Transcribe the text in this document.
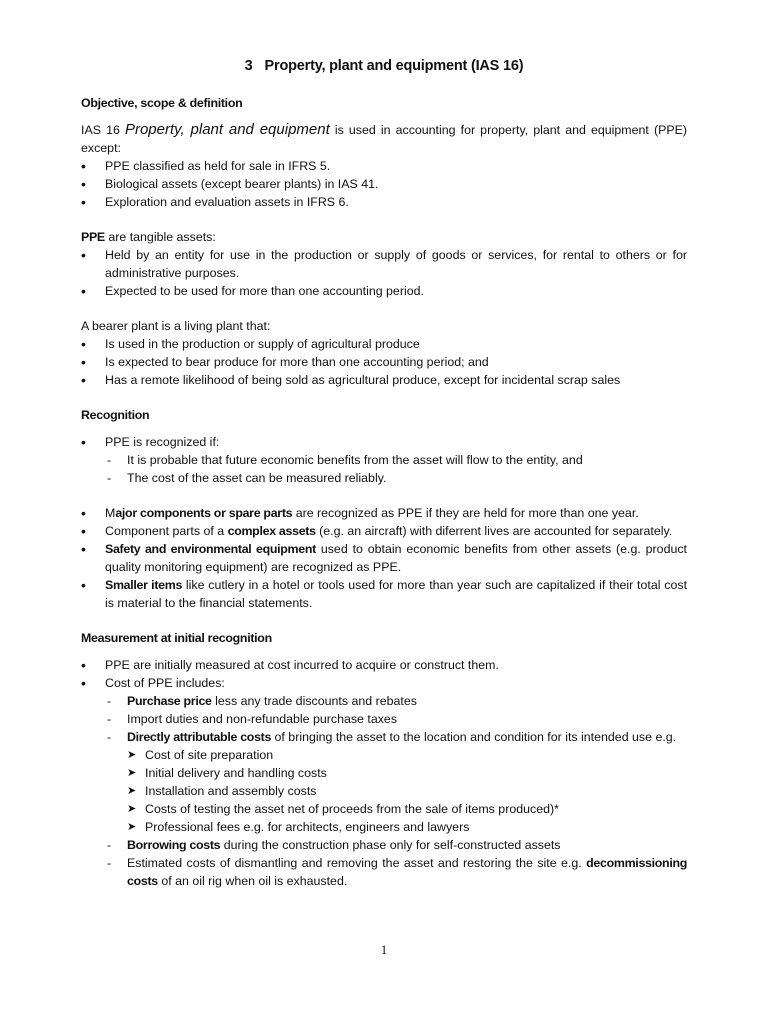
3 Property, plant and equipment (IAS 16)
Objective, scope & definition

IAS 16 Property, plant and equipment is used in accounting for property, plant and equipment (PPE) except:

• PPE classified as held for sale in IFRS 5.
• Biological assets (except bearer plants) in IAS 41.
• Exploration and evaluation assets in IFRS 6.

PPE are tangible assets:

• Held by an entity for use in the production or supply of goods or services, for rental to others or for administrative purposes.
• Expected to be used for more than one accounting period.

A bearer plant is a living plant that:

• Is used in the production or supply of agricultural produce
• Is expected to bear produce for more than one accounting period; and
• Has a remote likelihood of being sold as agricultural produce, except for incidental scrap sales
Recognition
• PPE is recognized if:
- It is probable that future economic benefits from the asset will flow to the entity, and
- The cost of the asset can be measured reliably.
• Major components or spare parts are recognized as PPE if they are held for more than one year.
• Component parts of a complex assets (e.g. an aircraft) with diferrent lives are accounted for separately.
• Safety and environmental equipment used to obtain economic benefits from other assets (e.g. product quality monitoring equipment) are recognized as PPE.
• Smaller items like cutlery in a hotel or tools used for more than year such are capitalized if their total cost is material to the financial statements.
Measurement at initial recognition
• PPE are initially measured at cost incurred to acquire or construct them.
• Cost of PPE includes:
- Purchase price less any trade discounts and rebates
- Import duties and non-refundable purchase taxes
- Directly attributable costs of bringing the asset to the location and condition for its intended use e.g.
➤ Cost of site preparation
➤ Initial delivery and handling costs
➤ Installation and assembly costs
➤ Costs of testing the asset net of proceeds from the sale of items produced)*
➤ Professional fees e.g. for architects, engineers and lawyers
- Borrowing costs during the construction phase only for self-constructed assets
- Estimated costs of dismantling and removing the asset and restoring the site e.g. decommissioning costs of an oil rig when oil is exhausted.
1
